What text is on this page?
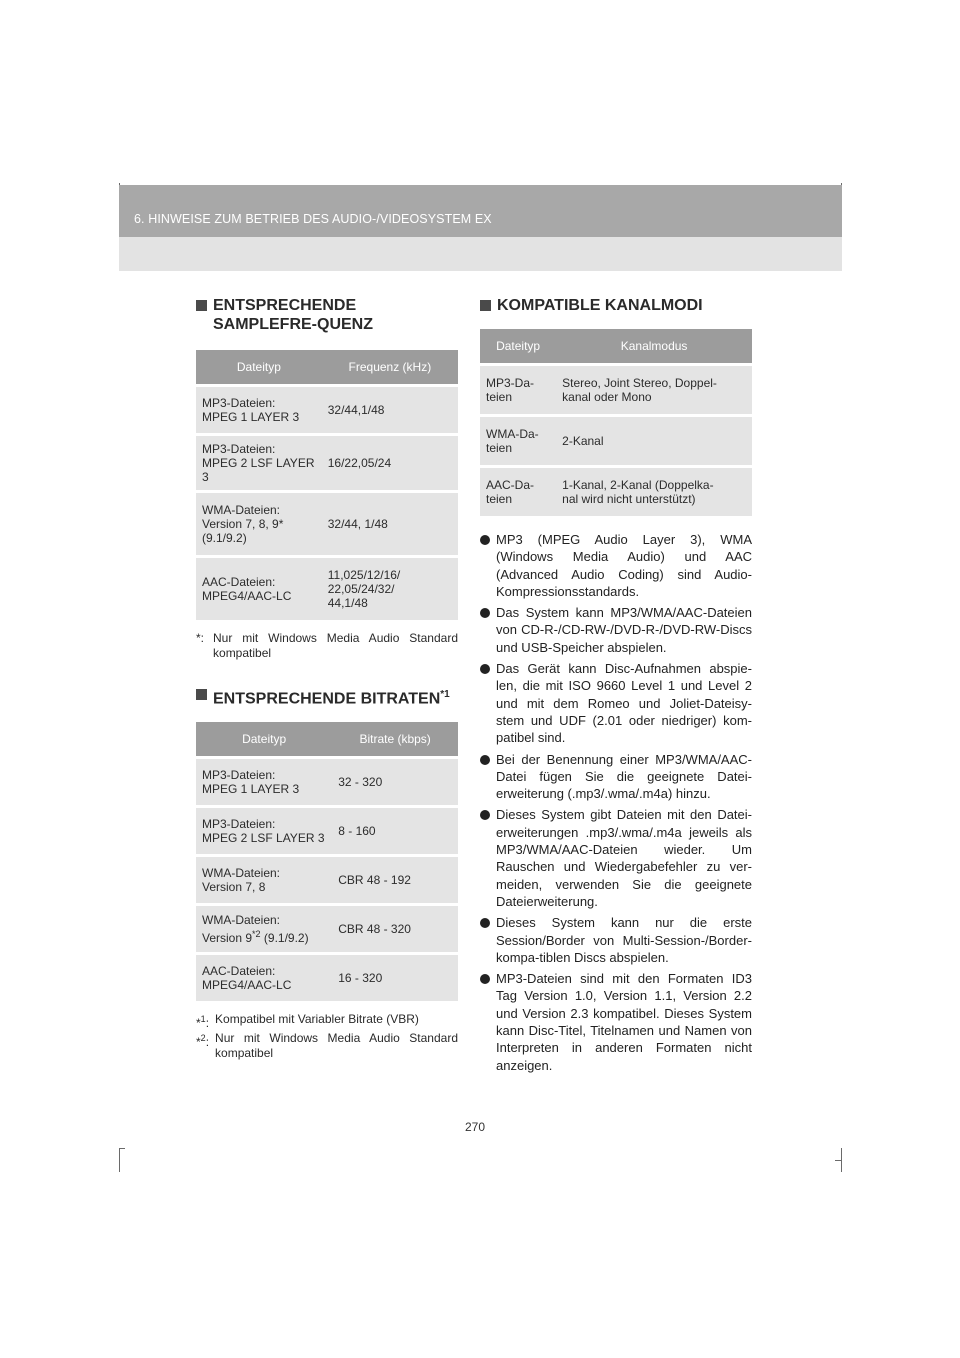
6. HINWEISE ZUM BETRIEB DES AUDIO-/VIDEOSYSTEM EX
ENTSPRECHENDE SAMPLEFRE-QUENZ
Dateityp	Frequenz (kHz)

MP3-Dateien:
MPEG 1 LAYER 3	32/44,1/48

MP3-Dateien:
MPEG 2 LSF LAYER 3	16/22,05/24

WMA-Dateien:
Version 7, 8, 9*
(9.1/9.2)	32/44, 1/48

AAC-Dateien:
MPEG4/AAC-LC	11,025/12/16/
22,05/24/32/
44,1/48
*: Nur mit Windows Media Audio Standard kompatibel
ENTSPRECHENDE BITRATEN$^{*1}$
Dateityp	Bitrate (kbps)

MP3-Dateien:
MPEG 1 LAYER 3	32 - 320

MP3-Dateien:
MPEG 2 LSF LAYER 3	8 - 160

WMA-Dateien:
Version 7, 8	CBR 48 - 192

WMA-Dateien:
Version 9$^{*2}$ (9.1/9.2)	CBR 48 - 320

AAC-Dateien:
MPEG4/AAC-LC	16 - 320
*$^1$: Kompatibel mit Variabler Bitrate (VBR)
*$^2$: Nur mit Windows Media Audio Standard kompatibel
KOMPATIBLE KANALMODI
Dateityp	Kanalmodus

MP3-Da-
teien	Stereo, Joint Stereo, Doppel-
kanal oder Mono

WMA-Da-
teien	2-Kanal

AAC-Da-
teien	1-Kanal, 2-Kanal (Doppelka-
nal wird nicht unterstützt)
MP3 (MPEG Audio Layer 3), WMA (Windows Media Audio) und AAC (Advanced Audio Coding) sind Audio-Kompressionsstandards.
Das System kann MP3/WMA/AAC-Dateien von CD-R-/CD-RW-/DVD-R-/DVD-RW-Discs und USB-Speicher abspielen.
Das Gerät kann Disc-Aufnahmen abspie-len, die mit ISO 9660 Level 1 und Level 2 und mit dem Romeo und Joliet-Dateisy-stem und UDF (2.01 oder niedriger) kom-patibel sind.
Bei der Benennung einer MP3/WMA/AAC-Datei fügen Sie die geeignete Datei-erweiterung (.mp3/.wma/.m4a) hinzu.
Dieses System gibt Dateien mit den Datei-erweiterungen .mp3/.wma/.m4a jeweils als MP3/WMA/AAC-Dateien wieder. Um Rauschen und Wiedergabefehler zu ver-meiden, verwenden Sie die geeignete Dateierweiterung.
Dieses System kann nur die erste Session/Border von Multi-Session-/Border-kompa-tiblen Discs abspielen.
MP3-Dateien sind mit den Formaten ID3 Tag Version 1.0, Version 1.1, Version 2.2 und Version 2.3 kompatibel. Dieses System kann Disc-Titel, Titelnamen und Namen von Interpreten in anderen Formaten nicht anzeigen.
270
